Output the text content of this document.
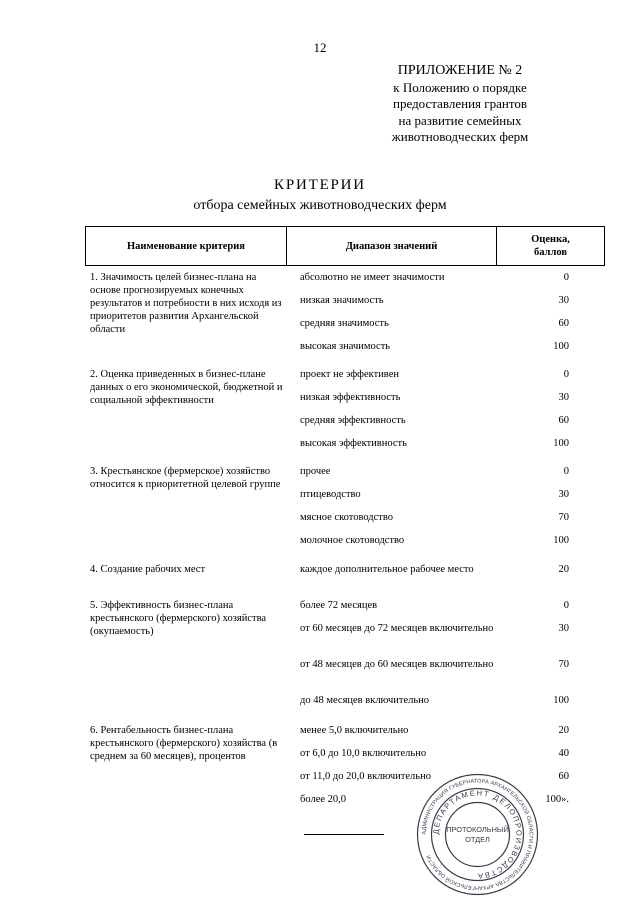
12
ПРИЛОЖЕНИЕ № 2
к Положению о порядке
предоставления грантов
на развитие семейных
животноводческих ферм
КРИТЕРИИ
отбора семейных животноводческих ферм
Наименование критерия	Диапазон значений
Оценка,
баллов
1. Значимость целей бизнес-плана на основе прогнозируемых конечных результатов и потребности в них исходя из приоритетов развития Архангельской области
абсолютно не имеет значимости	0
низкая значимость	30
средняя значимость	60
высокая значимость	100
2. Оценка приведенных в бизнес-плане данных о его экономической, бюджетной и социальной эффективности
проект не эффективен	0
низкая эффективность	30
средняя эффективность	60
высокая эффективность	100
3. Крестьянское (фермерское) хозяйство относится к приоритетной целевой группе
прочее	0
птицеводство	30
мясное скотоводство	70
молочное скотоводство	100
4. Создание рабочих мест	каждое дополнительное рабочее место	20
5. Эффективность бизнес-плана крестьянского (фермерского) хозяйства (окупаемость)
более 72 месяцев	0
от 60 месяцев до 72 месяцев включительно	30
от 48 месяцев до 60 месяцев включительно	70
до 48 месяцев включительно	100
6. Рентабельность бизнес-плана крестьянского (фермерского) хозяйства (в среднем за 60 месяцев), процентов
менее 5,0 включительно	20
от 6,0 до 10,0 включительно	40
от 11,0 до 20,0 включительно	60
более 20,0	100».
АДМИНИСТРАЦИЯ ГУБЕРНАТОРА АРХАНГЕЛЬСКОЙ ОБЛАСТИ И ПРАВИТЕЛЬСТВА АРХАНГЕЛЬСКОЙ ОБЛАСТИ
ДЕПАРТАМЕНТ ДЕЛОПРОИЗВОДСТВА
ПРОТОКОЛЬНЫЙ
ОТДЕЛ
